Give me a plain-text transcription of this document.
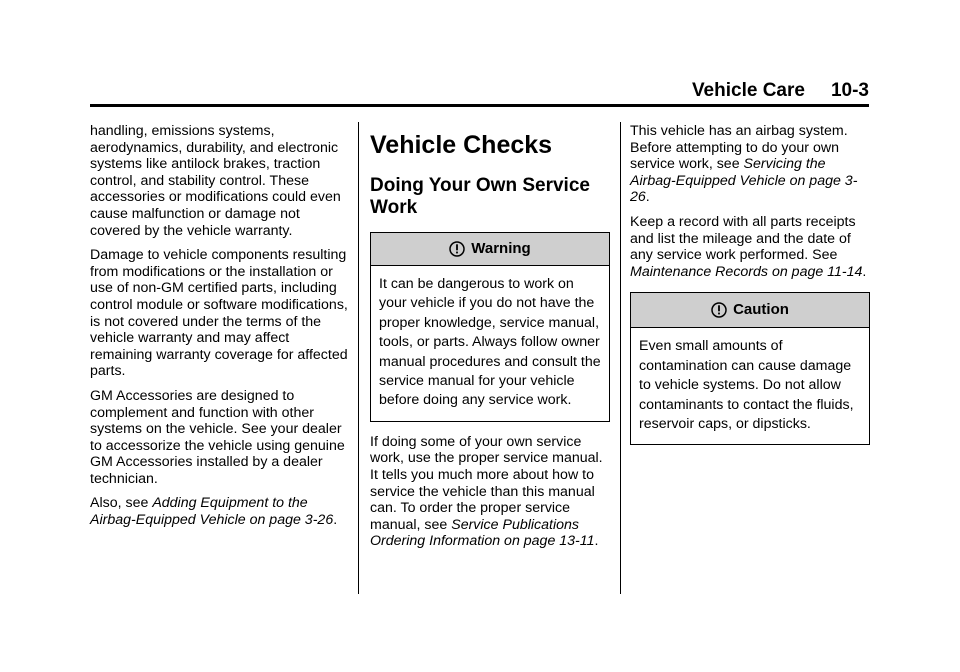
Vehicle Care 10-3

handling, emissions systems, aerodynamics, durability, and electronic systems like antilock brakes, traction control, and stability control. These accessories or modifications could even cause malfunction or damage not covered by the vehicle warranty.

Damage to vehicle components resulting from modifications or the installation or use of non-GM certified parts, including control module or software modifications, is not covered under the terms of the vehicle warranty and may affect remaining warranty coverage for affected parts.

GM Accessories are designed to complement and function with other systems on the vehicle. See your dealer to accessorize the vehicle using genuine GM Accessories installed by a dealer technician.

Also, see Adding Equipment to the Airbag-Equipped Vehicle on page 3-26.

Vehicle Checks
Doing Your Own Service Work
Warning
It can be dangerous to work on your vehicle if you do not have the proper knowledge, service manual, tools, or parts. Always follow owner manual procedures and consult the service manual for your vehicle before doing any service work.

If doing some of your own service work, use the proper service manual. It tells you much more about how to service the vehicle than this manual can. To order the proper service manual, see Service Publications Ordering Information on page 13-11.

This vehicle has an airbag system. Before attempting to do your own service work, see Servicing the Airbag-Equipped Vehicle on page 3-26.

Keep a record with all parts receipts and list the mileage and the date of any service work performed. See Maintenance Records on page 11-14.

Caution
Even small amounts of contamination can cause damage to vehicle systems. Do not allow contaminants to contact the fluids, reservoir caps, or dipsticks.
